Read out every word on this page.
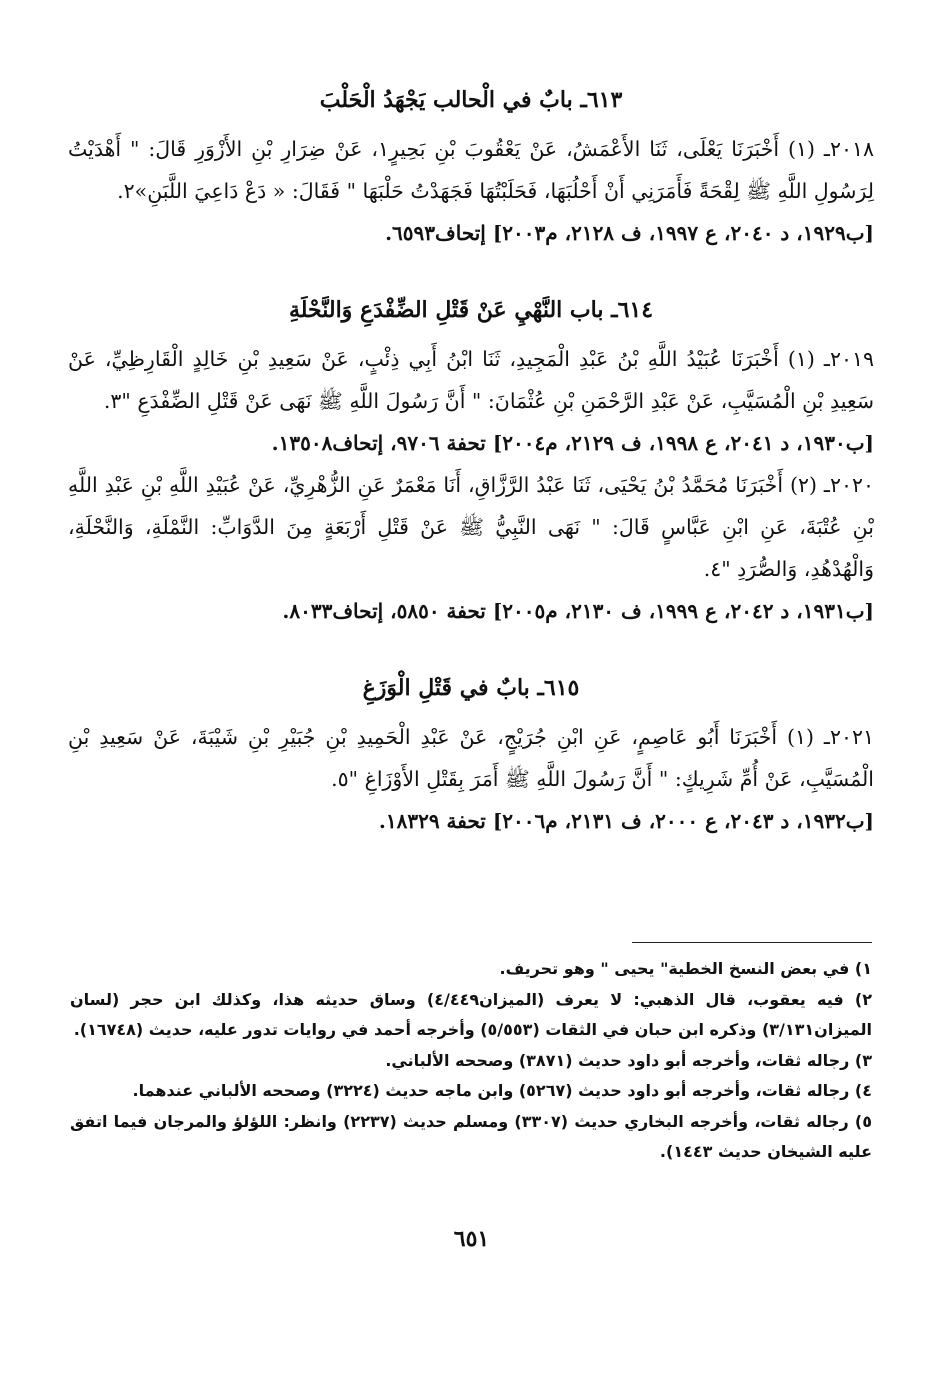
٦١٣ـ بابٌ في الْحالب يَجْهَدُ الْحَلْبَ

٢٠١٨ـ (١) أَخْبَرَنَا يَعْلَى، ثَنَا الأَعْمَشُ، عَنْ يَعْقُوبَ بْنِ بَحِيرٍ١، عَنْ ضِرَارِ بْنِ الأَزْوَرِ قَالَ: " أَهْدَيْتُ لِرَسُولِ اللَّهِ ﷺ لِقْحَةً فَأَمَرَنِي أَنْ أَحْلُبَهَا، فَحَلَبْتُهَا فَجَهَدْتُ حَلْبَهَا " فَقَالَ: « دَعْ دَاعِيَ اللَّبَنِ»٢.

[ب١٩٢٩، د ٢٠٤٠، ع ١٩٩٧، ف ٢١٢٨، م٢٠٠٣] إتحاف٦٥٩٣.

٦١٤ـ باب النَّهْيِ عَنْ قَتْلِ الضِّفْدَعِ وَالنَّحْلَةِ

٢٠١٩ـ (١) أَخْبَرَنَا عُبَيْدُ اللَّهِ بْنُ عَبْدِ الْمَجِيدِ، ثَنَا ابْنُ أَبِي ذِئْبٍ، عَنْ سَعِيدِ بْنِ خَالِدٍ الْقَارِظِيِّ، عَنْ سَعِيدِ بْنِ الْمُسَيَّبِ، عَنْ عَبْدِ الرَّحْمَنِ بْنِ عُثْمَانَ: " أَنَّ رَسُولَ اللَّهِ ﷺ نَهَى عَنْ قَتْلِ الضِّفْدَعِ "٣.

[ب١٩٣٠، د ٢٠٤١، ع ١٩٩٨، ف ٢١٢٩، م٢٠٠٤] تحفة ٩٧٠٦، إتحاف١٣٥٠٨.

٢٠٢٠ـ (٢) أَخْبَرَنَا مُحَمَّدُ بْنُ يَحْيَى، ثَنَا عَبْدُ الرَّزَّاقِ، أَنَا مَعْمَرٌ عَنِ الزُّهْرِيِّ، عَنْ عُبَيْدِ اللَّهِ بْنِ عَبْدِ اللَّهِ بْنِ عُتْبَةَ، عَنِ ابْنِ عَبَّاسٍ قَالَ: " نَهَى النَّبِيُّ ﷺ عَنْ قَتْلِ أَرْبَعَةٍ مِنَ الدَّوَابِّ: النَّمْلَةِ، وَالنَّحْلَةِ، وَالْهُدْهُدِ، وَالصُّرَدِ "٤.

[ب١٩٣١، د ٢٠٤٢، ع ١٩٩٩، ف ٢١٣٠، م٢٠٠٥] تحفة ٥٨٥٠، إتحاف٨٠٣٣.

٦١٥ـ بابٌ في قَتْلِ الْوَزَغِ

٢٠٢١ـ (١) أَخْبَرَنَا أَبُو عَاصِمٍ، عَنِ ابْنِ جُرَيْجٍ، عَنْ عَبْدِ الْحَمِيدِ بْنِ جُبَيْرِ بْنِ شَيْبَةَ، عَنْ سَعِيدِ بْنِ الْمُسَيَّبِ، عَنْ أُمِّ شَرِيكٍ: " أَنَّ رَسُولَ اللَّهِ ﷺ أَمَرَ بِقَتْلِ الأَوْزَاغِ "٥.

[ب١٩٣٢، د ٢٠٤٣، ع ٢٠٠٠، ف ٢١٣١، م٢٠٠٦] تحفة ١٨٣٢٩.

١) في بعض النسخ الخطية" يحيى " وهو تحريف.

٢) فيه يعقوب، قال الذهبي: لا يعرف (الميزان٤/٤٤٩) وساق حديثه هذا، وكذلك ابن حجر (لسان الميزان٣/١٣١) وذكره ابن حبان في الثقات (٥/٥٥٣) وأخرجه أحمد في روايات تدور عليه، حديث (١٦٧٤٨).

٣) رجاله ثقات، وأخرجه أبو داود حديث (٣٨٧١) وصححه الألباني.

٤) رجاله ثقات، وأخرجه أبو داود حديث (٥٢٦٧) وابن ماجه حديث (٣٢٢٤) وصححه الألباني عندهما.

٥) رجاله ثقات، وأخرجه البخاري حديث (٣٣٠٧) ومسلم حديث (٢٢٣٧) وانظر: اللؤلؤ والمرجان فيما اتفق عليه الشيخان حديث ١٤٤٣).

٦٥١
